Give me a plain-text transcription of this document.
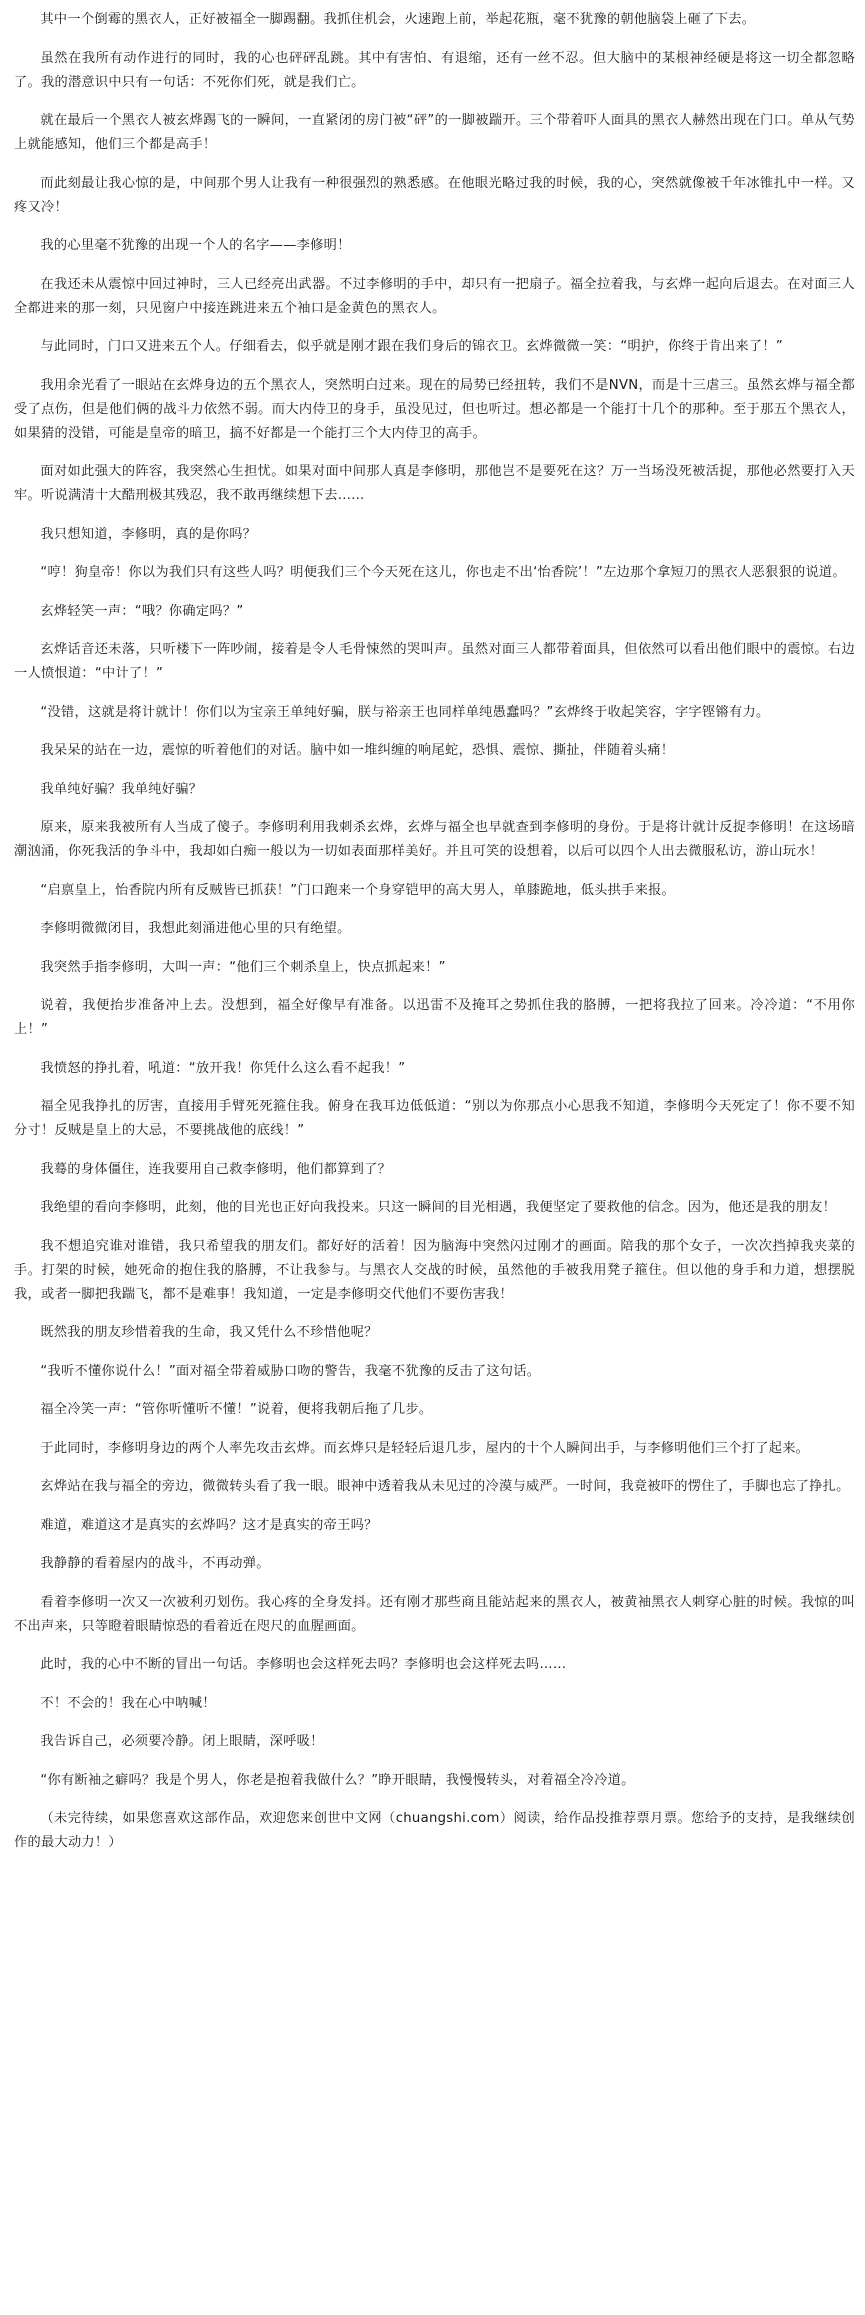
其中一个倒霉的黑衣人，正好被福全一脚踢翻。我抓住机会，火速跑上前，举起花瓶，毫不犹豫的朝他脑袋上砸了下去。

虽然在我所有动作进行的同时，我的心也砰砰乱跳。其中有害怕、有退缩，还有一丝不忍。但大脑中的某根神经硬是将这一切全都忽略了。我的潜意识中只有一句话：不死你们死，就是我们亡。

就在最后一个黑衣人被玄烨踢飞的一瞬间，一直紧闭的房门被“砰”的一脚被踹开。三个带着吓人面具的黑衣人赫然出现在门口。单从气势上就能感知，他们三个都是高手！

而此刻最让我心惊的是，中间那个男人让我有一种很强烈的熟悉感。在他眼光略过我的时候，我的心，突然就像被千年冰锥扎中一样。又疼又冷！

我的心里毫不犹豫的出现一个人的名字——李修明！

在我还未从震惊中回过神时，三人已经亮出武器。不过李修明的手中，却只有一把扇子。福全拉着我，与玄烨一起向后退去。在对面三人全都进来的那一刻，只见窗户中接连跳进来五个袖口是金黄色的黑衣人。

与此同时，门口又进来五个人。仔细看去，似乎就是刚才跟在我们身后的锦衣卫。玄烨微微一笑：“明护，你终于肯出来了！”

我用余光看了一眼站在玄烨身边的五个黑衣人，突然明白过来。现在的局势已经扭转，我们不是NVN，而是十三虐三。虽然玄烨与福全都受了点伤，但是他们俩的战斗力依然不弱。而大内侍卫的身手，虽没见过，但也听过。想必都是一个能打十几个的那种。至于那五个黑衣人，如果猜的没错，可能是皇帝的暗卫，搞不好都是一个能打三个大内侍卫的高手。

面对如此强大的阵容，我突然心生担忧。如果对面中间那人真是李修明，那他岂不是要死在这？万一当场没死被活捉，那他必然要打入天牢。听说满清十大酷刑极其残忍，我不敢再继续想下去……

我只想知道，李修明，真的是你吗？

“哼！狗皇帝！你以为我们只有这些人吗？明便我们三个今天死在这儿，你也走不出‘怡香院’！”左边那个拿短刀的黑衣人恶狠狠的说道。

玄烨轻笑一声：“哦？你确定吗？”

玄烨话音还未落，只听楼下一阵吵闹，接着是令人毛骨悚然的哭叫声。虽然对面三人都带着面具，但依然可以看出他们眼中的震惊。右边一人愤恨道：“中计了！”

“没错，这就是将计就计！你们以为宝亲王单纯好骗，朕与裕亲王也同样单纯愚蠢吗？”玄烨终于收起笑容，字字铿锵有力。

我呆呆的站在一边，震惊的听着他们的对话。脑中如一堆纠缠的响尾蛇，恐惧、震惊、撕扯，伴随着头痛！

我单纯好骗？我单纯好骗？

原来，原来我被所有人当成了傻子。李修明利用我刺杀玄烨，玄烨与福全也早就查到李修明的身份。于是将计就计反捉李修明！在这场暗潮汹涌，你死我活的争斗中，我却如白痴一般以为一切如表面那样美好。并且可笑的设想着，以后可以四个人出去微服私访，游山玩水！

“启禀皇上，怡香院内所有反贼皆已抓获！”门口跑来一个身穿铠甲的高大男人，单膝跪地，低头拱手来报。

李修明微微闭目，我想此刻涌进他心里的只有绝望。

我突然手指李修明，大叫一声：“他们三个刺杀皇上，快点抓起来！”

说着，我便抬步准备冲上去。没想到，福全好像早有准备。以迅雷不及掩耳之势抓住我的胳膊，一把将我拉了回来。冷冷道：“不用你上！”

我愤怒的挣扎着，吼道：“放开我！你凭什么这么看不起我！”

福全见我挣扎的厉害，直接用手臂死死箍住我。俯身在我耳边低低道：“别以为你那点小心思我不知道，李修明今天死定了！你不要不知分寸！反贼是皇上的大忌，不要挑战他的底线！”

我蓦的身体僵住，连我要用自己救李修明，他们都算到了？

我绝望的看向李修明，此刻，他的目光也正好向我投来。只这一瞬间的目光相遇，我便坚定了要救他的信念。因为，他还是我的朋友！

我不想追究谁对谁错，我只希望我的朋友们。都好好的活着！因为脑海中突然闪过刚才的画面。陪我的那个女子，一次次挡掉我夹菜的手。打架的时候，她死命的抱住我的胳膊，不让我参与。与黑衣人交战的时候，虽然他的手被我用凳子箍住。但以他的身手和力道，想摆脱我，或者一脚把我踹飞，都不是难事！我知道，一定是李修明交代他们不要伤害我！

既然我的朋友珍惜着我的生命，我又凭什么不珍惜他呢？

“我听不懂你说什么！”面对福全带着威胁口吻的警告，我毫不犹豫的反击了这句话。

福全冷笑一声：“管你听懂听不懂！”说着，便将我朝后拖了几步。

于此同时，李修明身边的两个人率先攻击玄烨。而玄烨只是轻轻后退几步，屋内的十个人瞬间出手，与李修明他们三个打了起来。

玄烨站在我与福全的旁边，微微转头看了我一眼。眼神中透着我从未见过的冷漠与威严。一时间，我竟被吓的愣住了，手脚也忘了挣扎。

难道，难道这才是真实的玄烨吗？这才是真实的帝王吗？

我静静的看着屋内的战斗，不再动弹。

看着李修明一次又一次被利刃划伤。我心疼的全身发抖。还有刚才那些商且能站起来的黑衣人，被黄袖黑衣人刺穿心脏的时候。我惊的叫不出声来，只等瞪着眼睛惊恐的看着近在咫尺的血腥画面。

此时，我的心中不断的冒出一句话。李修明也会这样死去吗？李修明也会这样死去吗……

不！不会的！我在心中呐喊！

我告诉自己，必须要冷静。闭上眼睛，深呼吸！

“你有断袖之癖吗？我是个男人，你老是抱着我做什么？”睁开眼睛，我慢慢转头，对着福全冷冷道。

（未完待续，如果您喜欢这部作品，欢迎您来创世中文网（chuangshi.com）阅读，给作品投推荐票月票。您给予的支持，是我继续创作的最大动力！）
